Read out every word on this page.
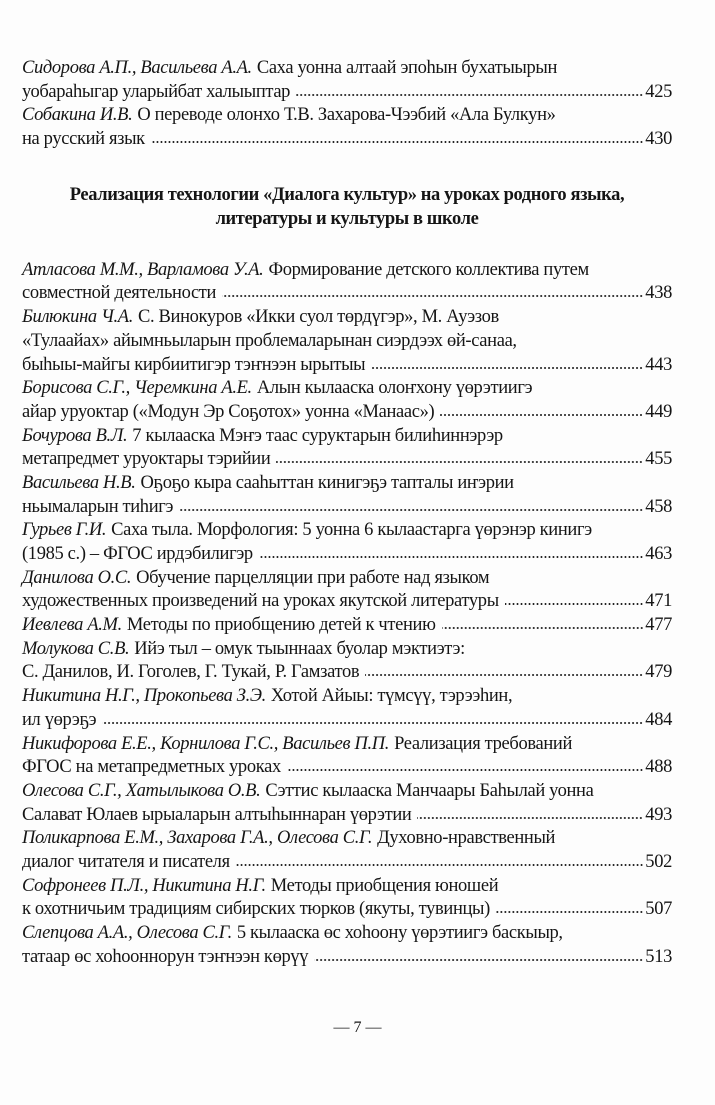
Сидорова А.П., Васильева А.А. Саха уонна алтаай эпоһын бухатыырын
уобараһыгар уларыйбат халыыптар	425
Собакина И.В. О переводе олонхо Т.В. Захарова-Чээбий «Ала Булкун»
на русский язык	430
Реализация технологии «Диалога культур» на уроках родного языка,
литературы и культуры в школе
Атласова М.М., Варламова У.А. Формирование детского коллектива путем
совместной деятельности	438
Билюкина Ч.А. С. Винокуров «Икки суол төрдүгэр», М. Ауэзов
«Тулаайах» айымньыларын проблемаларынан сиэрдээх өй-санаа,
быһыы-майгы кирбиитигэр тэҥнээн ырытыы	443
Борисова С.Г., Черемкина А.Е. Алын кылааска олоҥхону үөрэтиигэ
айар уруоктар («Модун Эр Соҕотох» уонна «Манаас»)	449
Бочурова В.Л. 7 кылааска Мэҥэ таас суруктарын билиһиннэрэр
метапредмет уруоктары тэрийии	455
Васильева Н.В. Оҕоҕо кыра сааһыттан кинигэҕэ тапталы иҥэрии
ньымаларын тиһигэ	458
Гурьев Г.И. Саха тыла. Морфология: 5 уонна 6 кылаастарга үөрэнэр кинигэ
(1985 с.) – ФГОС ирдэбилигэр	463
Данилова О.С. Обучение парцелляции при работе над языком
художественных произведений на уроках якутской литературы	471
Иевлева А.М. Методы по приобщению детей к чтению	477
Молукова С.В. Ийэ тыл – омук тыыннаах буолар мэктиэтэ:
С. Данилов, И. Гоголев, Г. Тукай, Р. Гамзатов	479
Никитина Н.Г., Прокопьева З.Э. Хотой Айыы: түмсүү, тэрээһин,
ил үөрэҕэ	484
Никифорова Е.Е., Корнилова Г.С., Васильев П.П. Реализация требований
ФГОС на метапредметных уроках	488
Олесова С.Г., Хатылыкова О.В. Сэттис кылааска Манчаары Баһылай уонна
Салават Юлаев ырыаларын алтыһыннаран үөрэтии	493
Поликарпова Е.М., Захарова Г.А., Олесова С.Г. Духовно-нравственный
диалог читателя и писателя	502
Софронеев П.Л., Никитина Н.Г. Методы приобщения юношей
к охотничьим традициям сибирских тюрков (якуты, тувинцы)	507
Слепцова А.А., Олесова С.Г. 5 кылааска өс хоһоону үөрэтиигэ баскыыр,
татаар өс хоһооннорун тэҥнээн көрүү	513
— 7 —
